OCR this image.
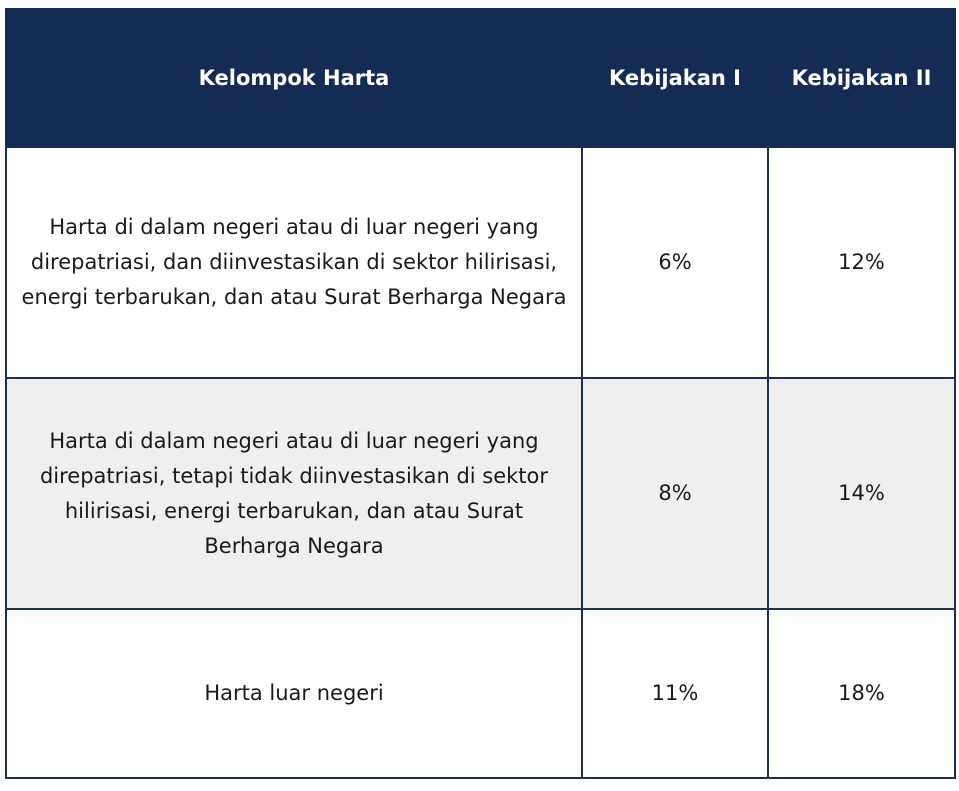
Kelompok Harta	Kebijakan I	Kebijakan II
Harta di dalam negeri atau di luar negeri yang direpatriasi, dan diinvestasikan di sektor hilirisasi, energi terbarukan, dan atau Surat Berharga Negara	6%	12%
Harta di dalam negeri atau di luar negeri yang direpatriasi, tetapi tidak diinvestasikan di sektor hilirisasi, energi terbarukan, dan atau Surat Berharga Negara	8%	14%
Harta luar negeri	11%	18%
